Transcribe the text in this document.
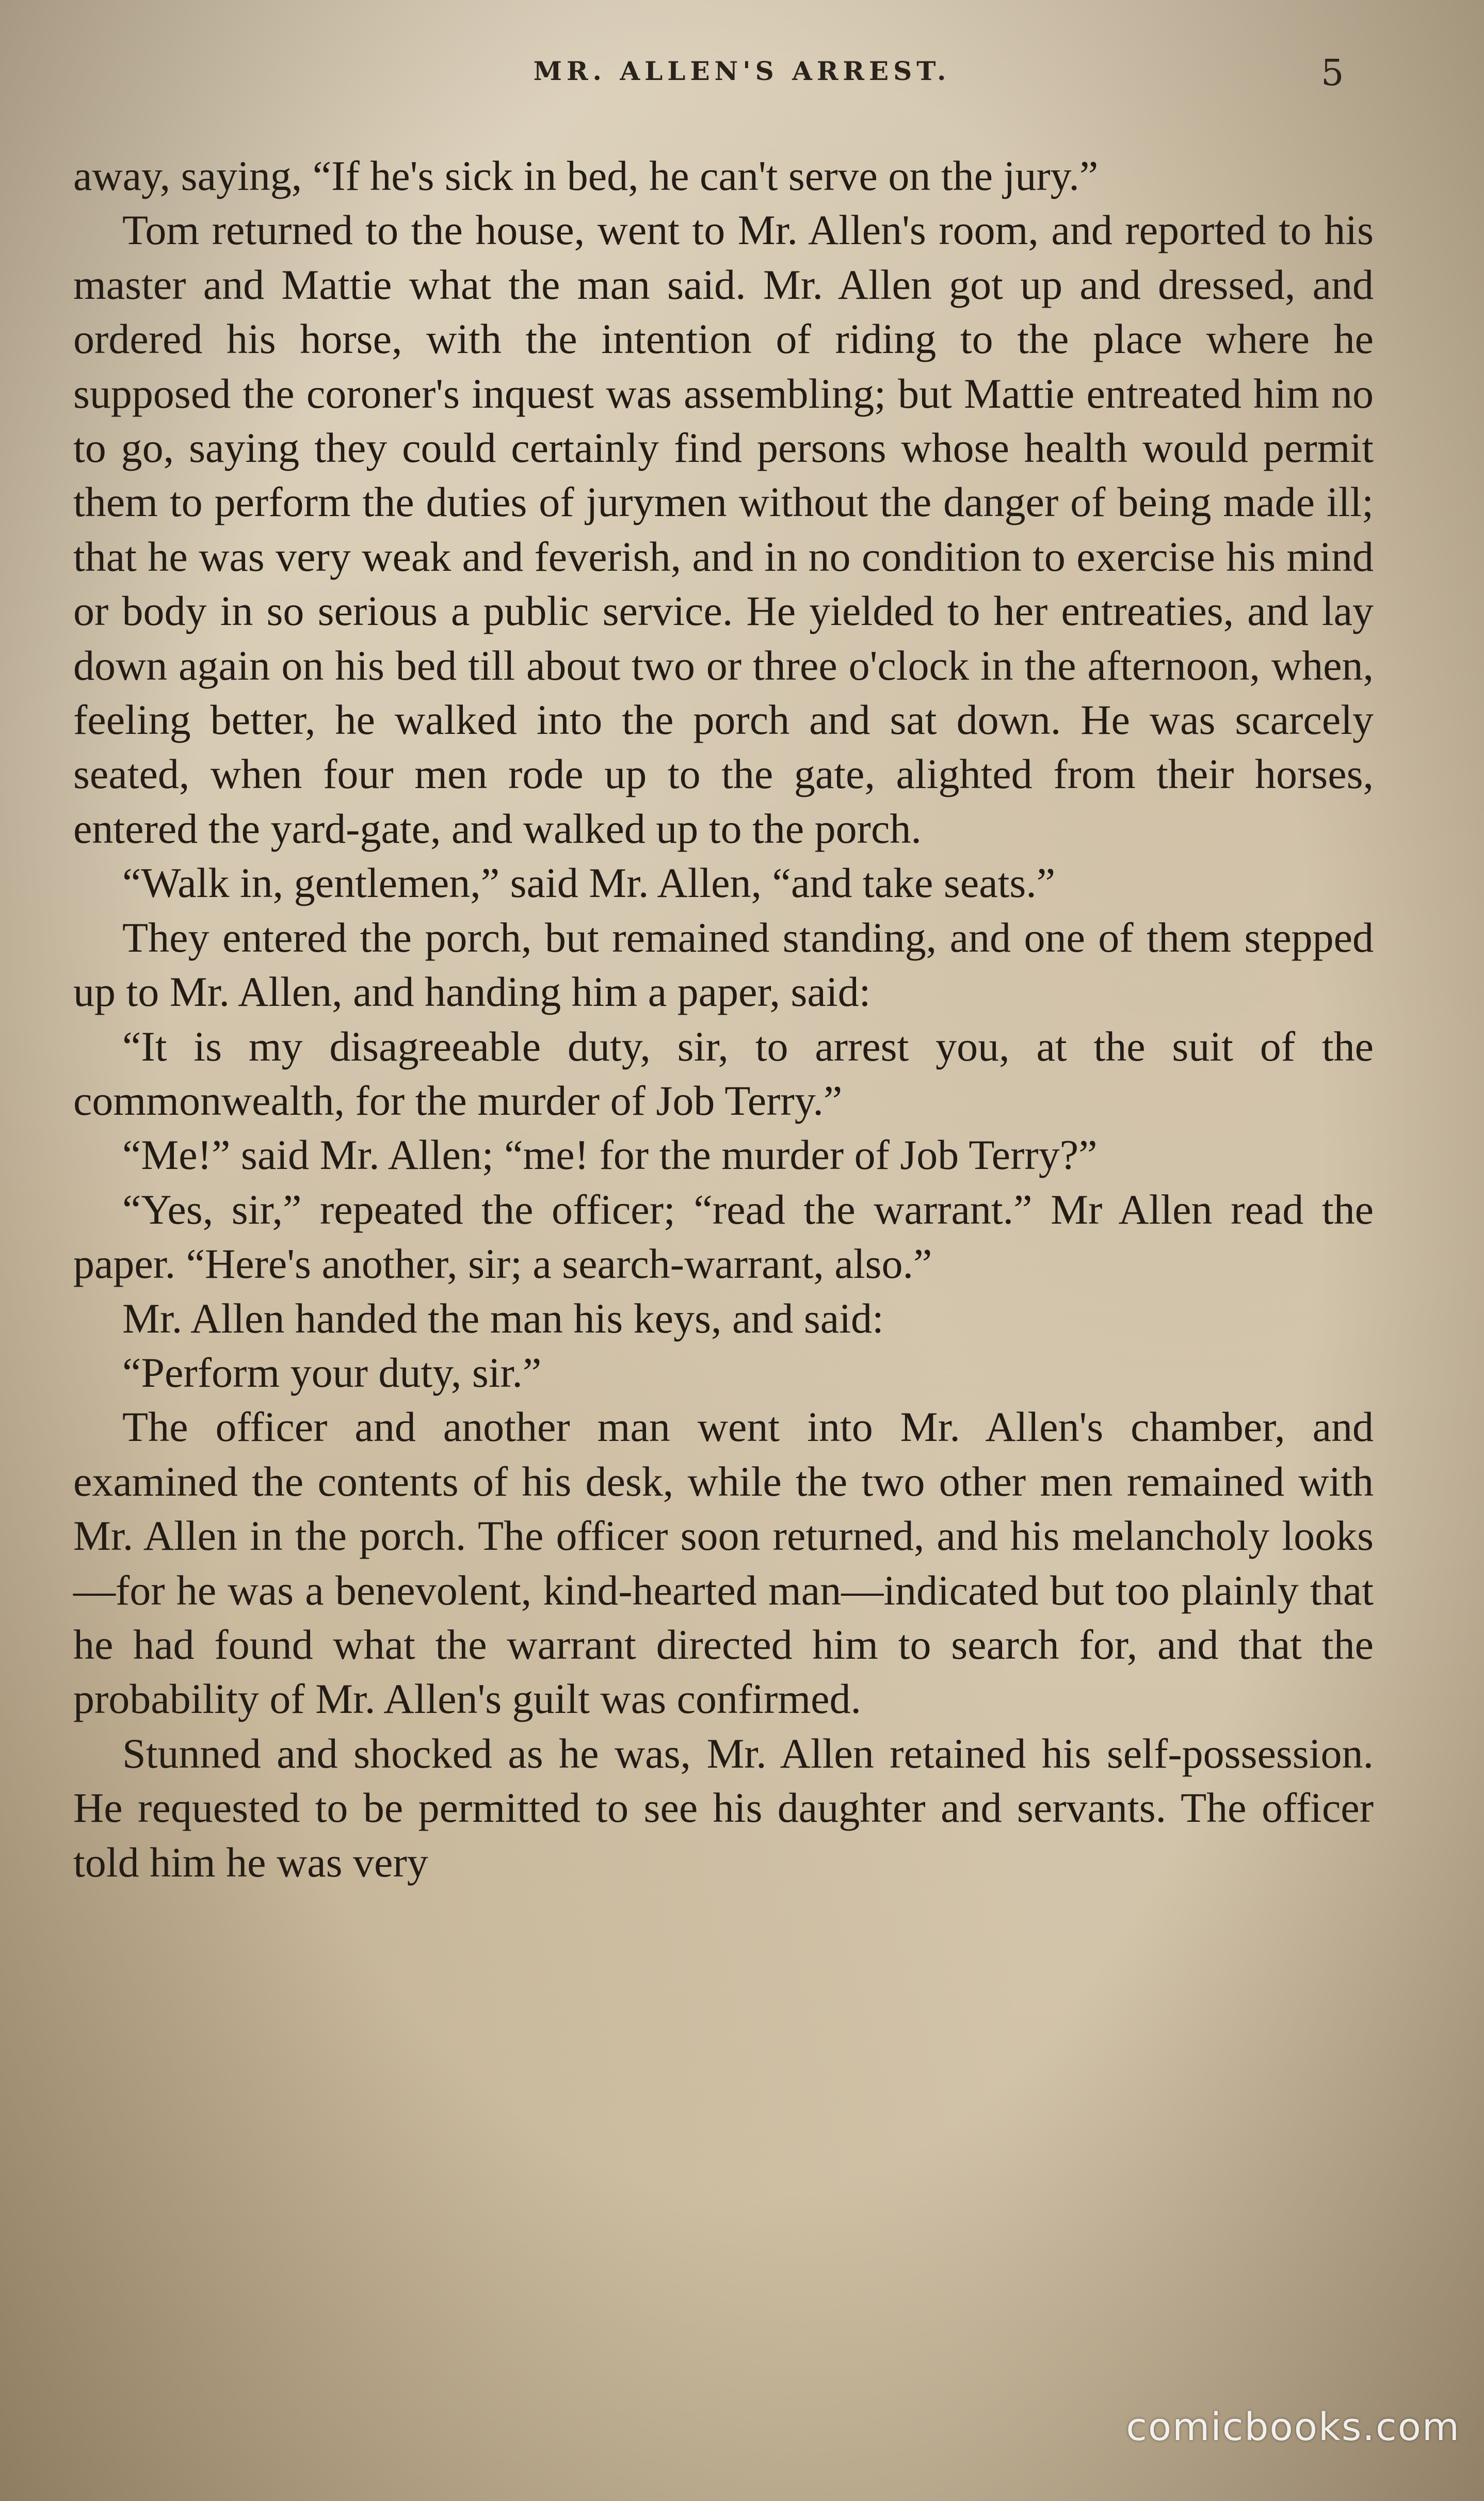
MR. ALLEN'S ARREST.	5

away, saying, “If he's sick in bed, he can't serve on the jury.”

Tom returned to the house, went to Mr. Allen's room, and reported to his master and Mattie what the man said. Mr. Allen got up and dressed, and ordered his horse, with the intention of riding to the place where he supposed the coroner's inquest was assembling; but Mattie entreated him no to go, saying they could certainly find persons whose health would permit them to perform the duties of jurymen without the danger of being made ill; that he was very weak and feverish, and in no condition to exercise his mind or body in so serious a public service. He yielded to her entreaties, and lay down again on his bed till about two or three o'clock in the afternoon, when, feeling better, he walked into the porch and sat down. He was scarcely seated, when four men rode up to the gate, alighted from their horses, entered the yard-gate, and walked up to the porch.

“Walk in, gentlemen,” said Mr. Allen, “and take seats.”

They entered the porch, but remained standing, and one of them stepped up to Mr. Allen, and handing him a paper, said:

“It is my disagreeable duty, sir, to arrest you, at the suit of the commonwealth, for the murder of Job Terry.”

“Me!” said Mr. Allen; “me! for the murder of Job Terry?”

“Yes, sir,” repeated the officer; “read the warrant.” Mr Allen read the paper. “Here's another, sir; a search-warrant, also.”

Mr. Allen handed the man his keys, and said:

“Perform your duty, sir.”

The officer and another man went into Mr. Allen's chamber, and examined the contents of his desk, while the two other men remained with Mr. Allen in the porch. The officer soon returned, and his melancholy looks—for he was a benevolent, kind-hearted man—indicated but too plainly that he had found what the warrant directed him to search for, and that the probability of Mr. Allen's guilt was confirmed.

Stunned and shocked as he was, Mr. Allen retained his self-possession. He requested to be permitted to see his daughter and servants. The officer told him he was very

comicbooks.com
